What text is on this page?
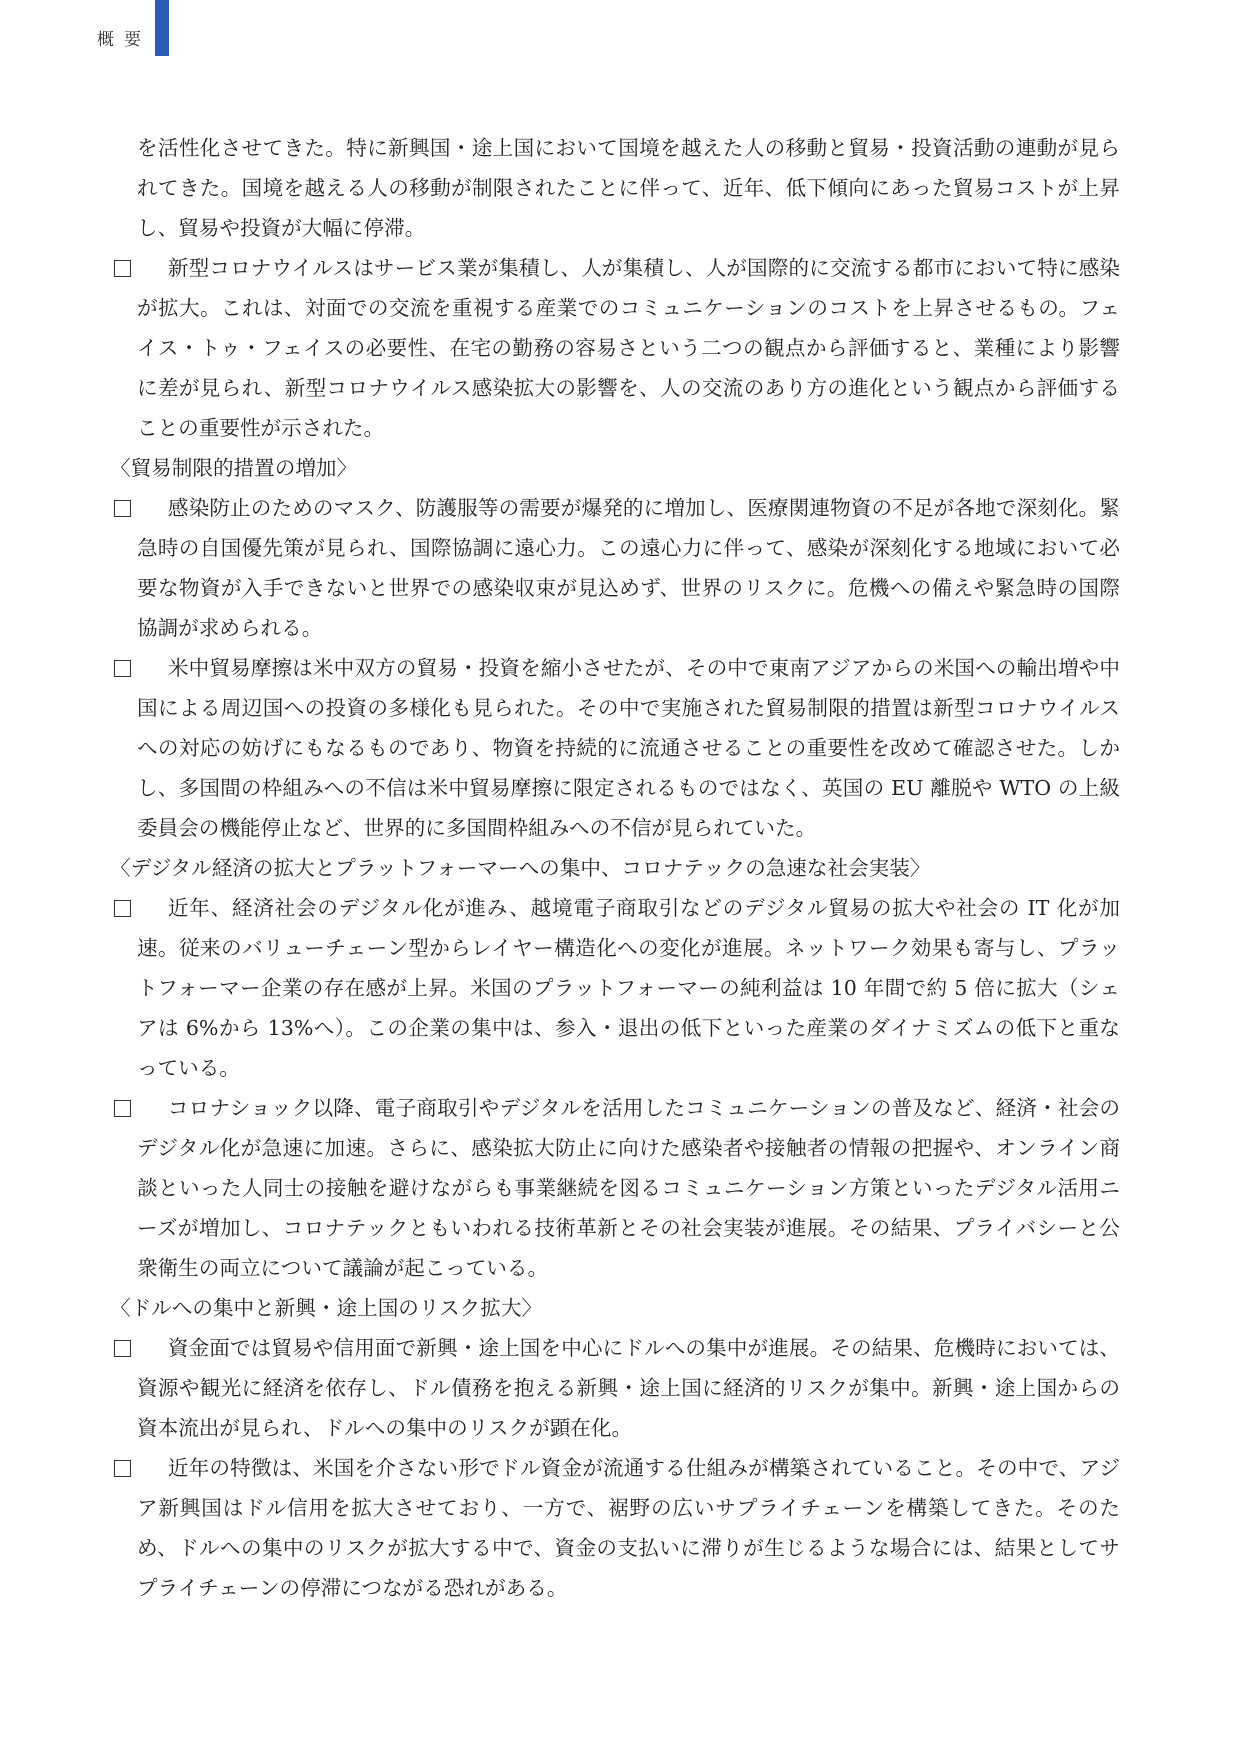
概要

を活性化させてきた。特に新興国・途上国において国境を越えた人の移動と貿易・投資活動の連動が見られてきた。国境を越える人の移動が制限されたことに伴って、近年、低下傾向にあった貿易コストが上昇し、貿易や投資が大幅に停滞。

新型コロナウイルスはサービス業が集積し、人が集積し、人が国際的に交流する都市において特に感染が拡大。これは、対面での交流を重視する産業でのコミュニケーションのコストを上昇させるもの。フェイス・トゥ・フェイスの必要性、在宅の勤務の容易さという二つの観点から評価すると、業種により影響に差が見られ、新型コロナウイルス感染拡大の影響を、人の交流のあり方の進化という観点から評価することの重要性が示された。

〈貿易制限的措置の増加〉

感染防止のためのマスク、防護服等の需要が爆発的に増加し、医療関連物資の不足が各地で深刻化。緊急時の自国優先策が見られ、国際協調に遠心力。この遠心力に伴って、感染が深刻化する地域において必要な物資が入手できないと世界での感染収束が見込めず、世界のリスクに。危機への備えや緊急時の国際協調が求められる。

米中貿易摩擦は米中双方の貿易・投資を縮小させたが、その中で東南アジアからの米国への輸出増や中国による周辺国への投資の多様化も見られた。その中で実施された貿易制限的措置は新型コロナウイルスへの対応の妨げにもなるものであり、物資を持続的に流通させることの重要性を改めて確認させた。しかし、多国間の枠組みへの不信は米中貿易摩擦に限定されるものではなく、英国の EU 離脱や WTO の上級委員会の機能停止など、世界的に多国間枠組みへの不信が見られていた。

〈デジタル経済の拡大とプラットフォーマーへの集中、コロナテックの急速な社会実装〉

近年、経済社会のデジタル化が進み、越境電子商取引などのデジタル貿易の拡大や社会の IT 化が加速。従来のバリューチェーン型からレイヤー構造化への変化が進展。ネットワーク効果も寄与し、プラットフォーマー企業の存在感が上昇。米国のプラットフォーマーの純利益は 10 年間で約 5 倍に拡大（シェアは 6%から 13%へ）。この企業の集中は、参入・退出の低下といった産業のダイナミズムの低下と重なっている。

コロナショック以降、電子商取引やデジタルを活用したコミュニケーションの普及など、経済・社会のデジタル化が急速に加速。さらに、感染拡大防止に向けた感染者や接触者の情報の把握や、オンライン商談といった人同士の接触を避けながらも事業継続を図るコミュニケーション方策といったデジタル活用ニーズが増加し、コロナテックともいわれる技術革新とその社会実装が進展。その結果、プライバシーと公衆衛生の両立について議論が起こっている。

〈ドルへの集中と新興・途上国のリスク拡大〉

資金面では貿易や信用面で新興・途上国を中心にドルへの集中が進展。その結果、危機時においては、資源や観光に経済を依存し、ドル債務を抱える新興・途上国に経済的リスクが集中。新興・途上国からの資本流出が見られ、ドルへの集中のリスクが顕在化。

近年の特徴は、米国を介さない形でドル資金が流通する仕組みが構築されていること。その中で、アジア新興国はドル信用を拡大させており、一方で、裾野の広いサプライチェーンを構築してきた。そのため、ドルへの集中のリスクが拡大する中で、資金の支払いに滞りが生じるような場合には、結果としてサプライチェーンの停滞につながる恐れがある。
